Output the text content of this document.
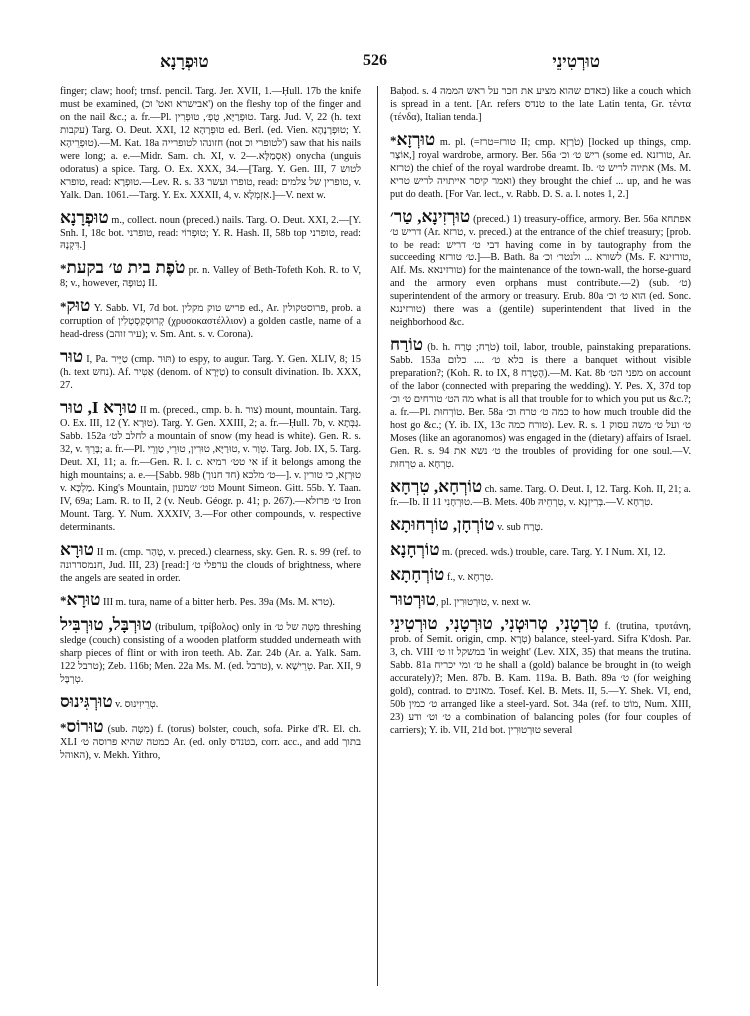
טוּפְרָנָא	526	טוּרְטִינֵי

finger; claw; hoof; trnsf. pencil. Targ. Jer. XVII, 1.—Ḥull. 17b the knife must be examined, (אבישרא ואט' וכ') on the fleshy top of the finger and on the nail &c.; a. fr.—Pl. טוּפְרַיָּא, טֻפְ׳, טוּפְרִין. Targ. Jud. V, 22 (h. text עקבות) Targ. O. Deut. XXI, 12 טוּפְרָהָא ed. Berl. (ed. Vien. טוּפְרָנָהָא; Y. טוּפְרֵיהָא).—M. Kat. 18a חזונהו לטופרייה (not לטופרי וכ') saw that his nails were long; a. e.—Midr. Sam. ch. XI, v. אִסְמַלָּא.—2) onycha (unguis odoratus) a spice. Targ. O. Ex. XXX, 34.—[Targ. Y. Gen. III, 7 לטוש טופרא, read: טוּפְרָא.—Lev. R. s. 33 טופרו ועשר, read: טופרין של צלמים, v. Yalk. Dan. 1061.—Targ. Y. Ex. XXXII, 4, v. אִזְמְלָא.]—V. next w.

טוּפְרָנָא m., collect. noun (preced.) nails. Targ. O. Deut. XXI, 2.—[Y. Snh. I, 18c bot. טופרני, read: טוּפְרוֹי; Y. R. Hash. II, 58b top טופרני, read: דִּקְנָהּ.]

*טֹפֶת בית טּ׳ בקעת pr. n. Valley of Beth-Tofeth Koh. R. to V, 8; v., however, נְטוּפָה II.

*טוּק Y. Sabb. VI, 7d bot. פריש טוק מקלין ed., Ar. פרוסטקולין, prob. a corruption of קְרוּסְקַסְטְלִין (χρυσοκαστέλλιον) a golden castle, name of a head-dress (עיר זוהב); v. Sm. Ant. s. v. Corona).

טוּר I, Pa. טַיֵּיר (cmp. תּוּר) to espy, to augur. Targ. Y. Gen. XLIV, 8; 15 (h. text נחש). Af. אַטִּיר (denom. of טַיְּרָא) to consult divination. Ib. XXX, 27.

טוּרָא I, טוּר II m. (preced., cmp. b. h. צור) mount, mountain. Targ. O. Ex. III, 12 (Y. טוּרָא). Targ. Y. Gen. XXIII, 2; a. fr.—Ḥull. 7b, v. גַּבְּתָא. Sabb. 152a לחלב לט׳ a mountain of snow (my head is white). Gen. R. s. 32, v. בָּרֵךְ; a. fr.—Pl. טוּרַיָּא, טוּרִין, טוּרֵי, טַוְרֵי, v. טְוַר. Targ. Job. IX, 5. Targ. Deut. XI, 11; a. fr.—Gen. R. l. c. אי טט׳ רמיא if it belongs among the high mountains; a. e.—[Sabb. 98b (חד חנוך) ט׳ מלכא—]. v. טוּרְזָא, כי טורין v. מַלְכָּא. King's Mountain, טט׳ שמעון Mount Simeon. Gitt. 55b. Y. Taan. IV, 69a; Lam. R. to II, 2 (v. Neub. Géogr. p. 41; p. 267).—ט׳ פרזלא Iron Mount. Targ. Y. Num. XXXIV, 3.—For other compounds, v. respective determinants.

טוּרָא II m. (cmp. טְהַר, v. preced.) clearness, sky. Gen. R. s. 99 (ref. to חנמסדרונה, Jud. III, 23) [read:] ערפלי ט׳ the clouds of brightness, where the angels are seated in order.

*טוּרָא III m. tura, name of a bitter herb. Pes. 39a (Ms. M. טרא).

טוּרְבָּל, טוּרְבִּיל (tribulum, τρίβολος) only in מִטָּה של ט׳ threshing sledge (couch) consisting of a wooden platform studded underneath with sharp pieces of flint or with iron teeth. Ab. Zar. 24b (Ar. a. Yalk. Sam. 122 טרבל); Zeb. 116b; Men. 22a Ms. M. (ed. טרבל), v. טְרֵישָׁא. Par. XII, 9 טְרְבָּל.

טוּרְגִּינוּס v. טְרֵיזִינוּס.

*טוּרוֹס (sub. מִטָּה) f. (torus) bolster, couch, sofa. Pirke d'R. El. ch. XLI כמטה שהיא פרוסה ט׳ Ar. (ed. only בטנדס, corr. acc., and add בתוך האוהל), v. Mekh. Yithro,

Baḥod. s. 4 כאדם שהוא מציע את חכר על ראש הממה) like a couch which is spread in a tent. [Ar. refers טנדס to the late Latin tenta, Gr. τέντα (τένδα), Italian tenda.]

*טוּרְזָא m. pl. (=טורז=טרז II; cmp. טֹרְזָא) [locked up things, cmp. אוֹצָר,] royal wardrobe, armory. Ber. 56a ריש ט׳ וכ׳ (some ed. טורזנא, Ar. טרזא) the chief of the royal wardrobe dreamt. Ib. אתיוה לריש ט׳ (Ms. M. ואמר קיסר אייתויה לריש טריא) they brought the chief ... up, and he was put do death. [For Var. lect., v. Rabb. D. S. a. l. notes 1, 2.]

טוּרְזִינָא, טַר׳ (preced.) 1) treasury-office, armory. Ber. 56a אפתחא דריש ט׳ (Ar. טרזא, v. preced.) at the entrance of the chief treasury; [prob. to be read: דבי ט׳ דריש having come in by tautography from the succeeding ט׳ טורזא.]—B. Bath. 8a לשורא ... ולנטר׳ וכ׳ (Ms. F. טורזינא, Alf. Ms. טורזינאא) for the maintenance of the town-wall, the horse-guard and the armory even orphans must contribute.—2) (sub. ט׳) superintendent of the armory or treasury. Erub. 80a הוא ט׳ וכ׳ (ed. Sonc. טורזינגא) there was a (gentile) superintendent that lived in the neighborhood &c.

טוֹרַח (b. h. טֹרַח; טְרַח) toil, labor, trouble, painstaking preparations. Sabb. 153a בלא ט׳ .... כלום is there a banquet without visible preparation?; (Koh. R. to IX, 8 הֶטְרַח).—M. Kat. 8b מפני הט׳ on account of the labor (connected with preparing the wedding). Y. Pes. X, 37d top מה הט׳ טורחים ט׳ וכ׳ what is all that trouble for to which you put us &c.?; a. fr.—Pl. טוֹרְחוּת. Ber. 58a כמה ט׳ טרח וכ׳ to how much trouble did the host go &c.; (Y. ib. IX, 13c טורח כמה). Lev. R. s. 1 ט׳ ועל ט׳ משה עסוק Moses (like an agoranomos) was engaged in the (dietary) affairs of Israel. Gen. R. s. 94 ט׳ נשא את the troubles of providing for one soul.—V. טִרְחוּת a. טִרְחָא.

טוֹרְחָא, טִרְחָא ch. same. Targ. O. Deut. I, 12. Targ. Koh. II, 21; a. fr.—Ib. II 11 טוּרְחָנִי.—B. Mets. 40b טִרְחֵיהּ, v. בְּרִיזְנָא.—V. טִרְחָא.

טוֹרְחָן, טוֹרְחוּתָא v. sub טָרַח.

טוֹרְחָנָא m. (preced. wds.) trouble, care. Targ. Y. I Num. XI, 12.

טוֹרְחָתָא f., v. טִרְחָא.

טוּרְטוּר, pl. טוּרְטוּרִין, v. next w.

טִרְטָנִי, טְרוּטְנִי, טוּרְטָנִי, טוּרְטִינֵי f. (trutina, τρυτάνη, prob. of Semit. origin, cmp. טְרָא) balance, steel-yard. Sifra K'dosh. Par. 3, ch. VIII במשקל זו ט׳ 'in weight' (Lev. XIX, 35) that means the trutina. Sabb. 81a ט׳ ומי יכריח he shall a (gold) balance be brought in (to weigh accurately)?; Men. 87b. B. Kam. 119a. B. Bath. 89a ט׳ (for weighing gold), contrad. to מאזנים. Tosef. Kel. B. Mets. II, 5.—Y. Shek. VI, end, 50b ט׳ כמין arranged like a steel-yard. Sot. 34a (ref. to מוֹט, Num. XIII, 23) ט׳ וט׳ ודע a combination of balancing poles (for four couples of carriers); Y. ib. VII, 21d bot. טוּרְטוּרִין several
